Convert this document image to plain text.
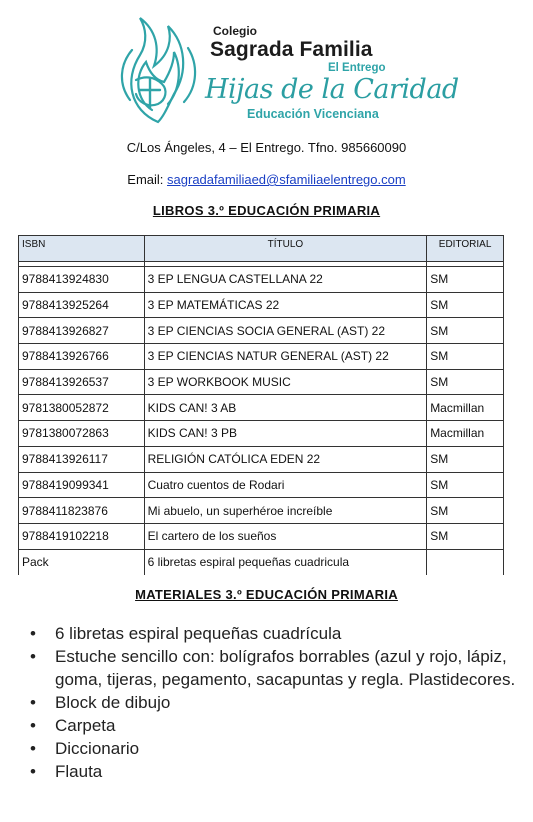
Colegio
Sagrada Familia
El Entrego
Hijas de la Caridad
Educación Vicenciana
C/Los Ángeles, 4 – El Entrego. Tfno. 985660090
Email: sagradafamiliaed@sfamiliaelentrego.com
LIBROS 3.º EDUCACIÓN PRIMARIA
ISBN	TÍTULO	EDITORIAL

9788413924830	3 EP LENGUA CASTELLANA 22	SM
9788413925264	3 EP MATEMÁTICAS 22	SM
9788413926827	3 EP CIENCIAS SOCIA GENERAL (AST) 22	SM
9788413926766	3 EP CIENCIAS NATUR GENERAL (AST) 22	SM
9788413926537	3 EP WORKBOOK MUSIC	SM
9781380052872	KIDS CAN! 3 AB	Macmillan
9781380072863	KIDS CAN! 3 PB	Macmillan
9788413926117	RELIGIÓN CATÓLICA EDEN 22	SM
9788419099341	Cuatro cuentos de Rodari	SM
9788411823876	Mi abuelo, un superhéroe increíble	SM
9788419102218	El cartero de los sueños	SM
Pack	6 libretas espiral pequeñas cuadricula	
MATERIALES 3.º EDUCACIÓN PRIMARIA
• 6 libretas espiral pequeñas cuadrícula
• Estuche sencillo con: bolígrafos borrables (azul y rojo, lápiz, goma, tijeras, pegamento, sacapuntas y regla. Plastidecores.
• Block de dibujo
• Carpeta
• Diccionario
• Flauta
